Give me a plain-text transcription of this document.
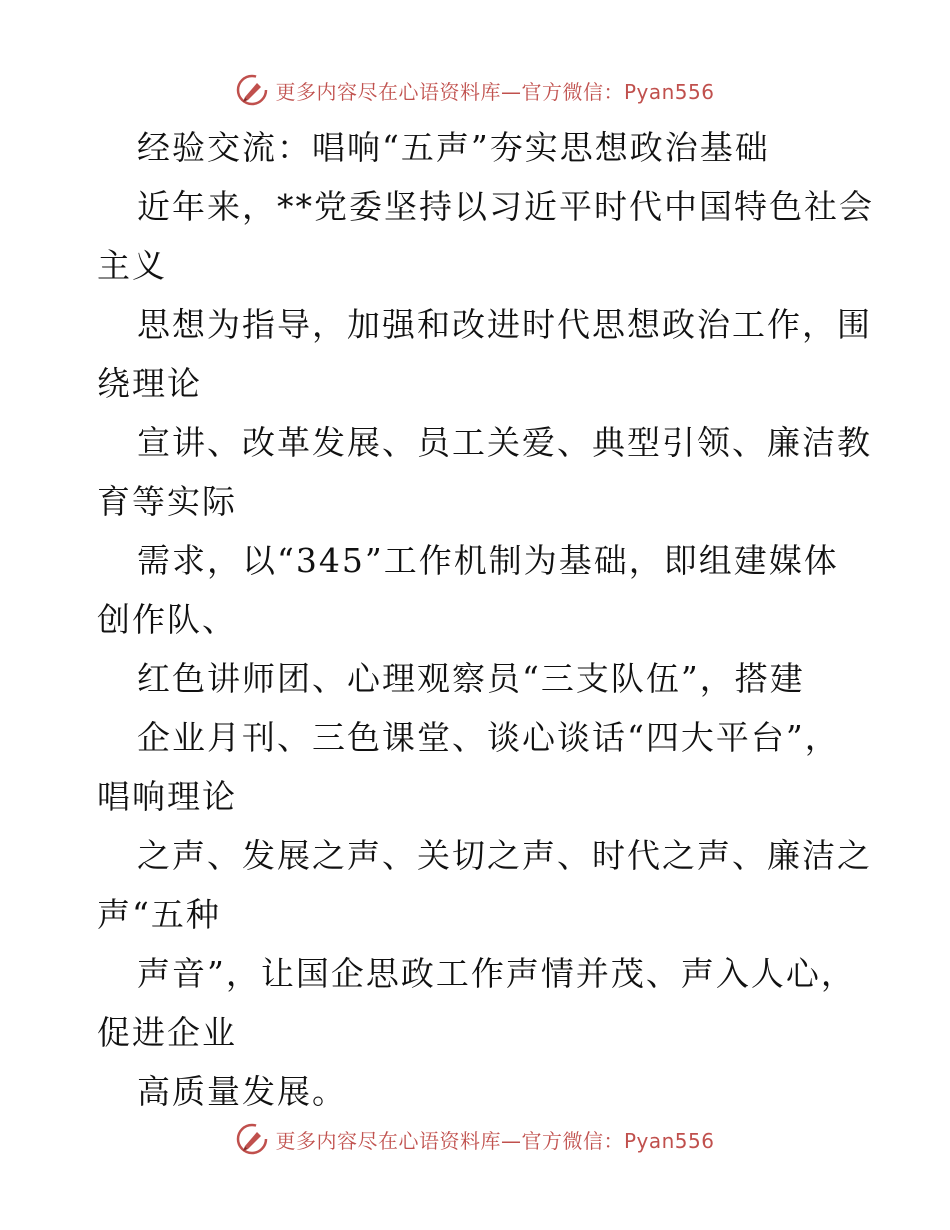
更多内容尽在心语资料库—官方微信：Pyan556
经验交流：唱响“五声”夯实思想政治基础
近年来，**党委坚持以习近平时代中国特色社会
主义
思想为指导，加强和改进时代思想政治工作，围
绕理论
宣讲、改革发展、员工关爱、典型引领、廉洁教
育等实际
需求，以“345”工作机制为基础，即组建媒体
创作队、
红色讲师团、心理观察员“三支队伍”，搭建
企业月刊、三色课堂、谈心谈话“四大平台”，
唱响理论
之声、发展之声、关切之声、时代之声、廉洁之
声“五种
声音”，让国企思政工作声情并茂、声入人心，
促进企业
高质量发展。
更多内容尽在心语资料库—官方微信：Pyan556
